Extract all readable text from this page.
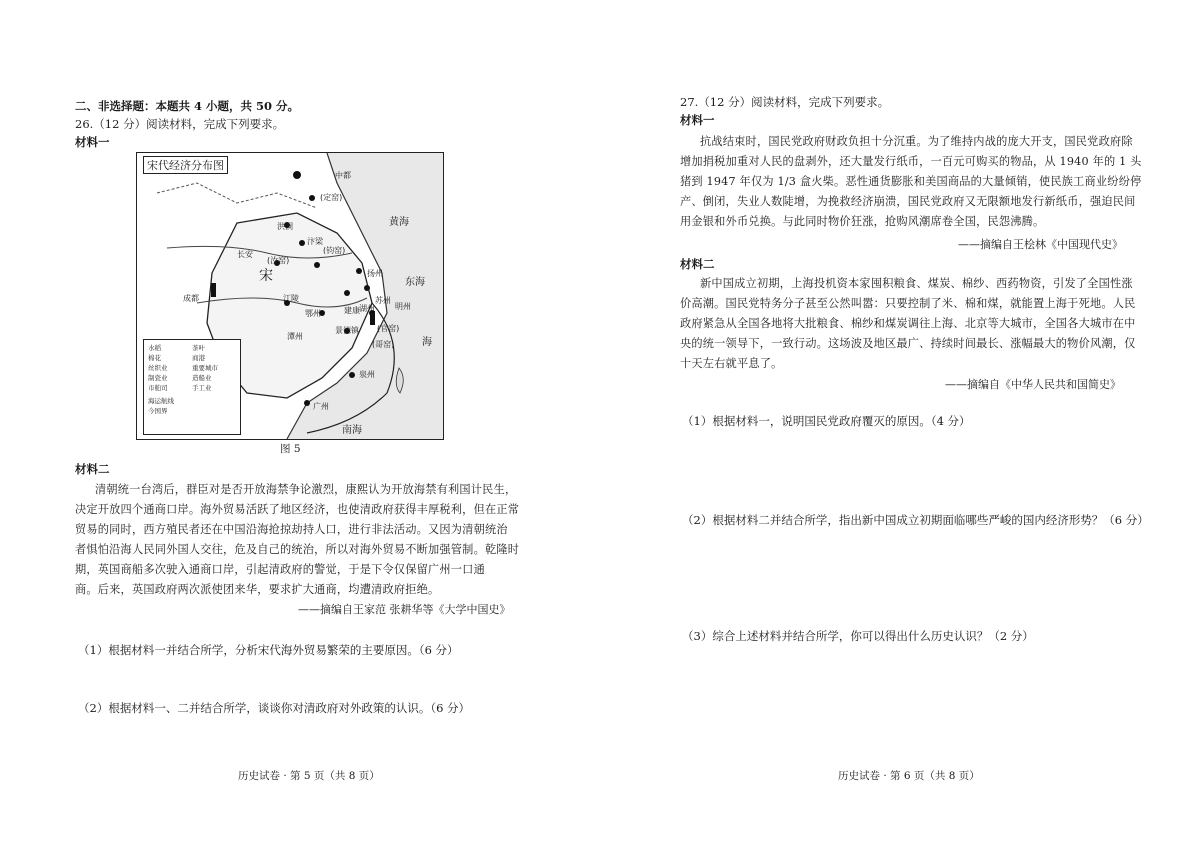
二、非选择题：本题共 4 小题，共 50 分。
26.（12 分）阅读材料，完成下列要求。
材料一
宋代经济分布图
中都
(定窑)
洪洞
汴梁
(钧窑)
(汝窑)
长安
宋	扬州
建康
苏州
湖州	明州
成都	江陵
鄂州
景德镇 (官窑)
潭州
泉州
(哥窑)
广州
东海
黄海
南海
海
水稻
棉花
丝织业
制瓷业
市舶司
茶叶
商港
重要城市
海运航线
今国界
造船业
手工业
图 5
材料二
清朝统一台湾后，群臣对是否开放海禁争论激烈，康熙认为开放海禁有利国计民生，
决定开放四个通商口岸。海外贸易活跃了地区经济，也使清政府获得丰厚税利，但在正常
贸易的同时，西方殖民者还在中国沿海抢掠劫持人口，进行非法活动。又因为清朝统治
者惧怕沿海人民同外国人交往，危及自己的统治，所以对海外贸易不断加强管制。乾隆时
期，英国商船多次驶入通商口岸，引起清政府的警觉，于是下令仅保留广州一口通
商。后来，英国政府两次派使团来华，要求扩大通商，均遭清政府拒绝。
——摘编自王家范 张耕华等《大学中国史》
（1）根据材料一并结合所学，分析宋代海外贸易繁荣的主要原因。（6 分）
（2）根据材料一、二并结合所学，谈谈你对清政府对外政策的认识。（6 分）
历史试卷 · 第 5 页（共 8 页）
27.（12 分）阅读材料，完成下列要求。
材料一
抗战结束时，国民党政府财政负担十分沉重。为了维持内战的庞大开支，国民党政府除
增加捐税加重对人民的盘剥外，还大量发行纸币，一百元可购买的物品，从 1940 年的 1 头
猪到 1947 年仅为 1/3 盒火柴。恶性通货膨胀和美国商品的大量倾销，使民族工商业纷纷停
产、倒闭，失业人数陡增，为挽救经济崩溃，国民党政府又无限额地发行新纸币，强迫民间
用金银和外币兑换。与此同时物价狂涨，抢购风潮席卷全国，民怨沸腾。
——摘编自王桧林《中国现代史》
材料二
新中国成立初期，上海投机资本家囤积粮食、煤炭、棉纱、西药物资，引发了全国性涨
价高潮。国民党特务分子甚至公然叫嚣：只要控制了米、棉和煤，就能置上海于死地。人民
政府紧急从全国各地将大批粮食、棉纱和煤炭调往上海、北京等大城市，全国各大城市在中
央的统一领导下，一致行动。这场波及地区最广、持续时间最长、涨幅最大的物价风潮，仅
十天左右就平息了。
——摘编自《中华人民共和国简史》
（1）根据材料一，说明国民党政府覆灭的原因。（4 分）
（2）根据材料二并结合所学，指出新中国成立初期面临哪些严峻的国内经济形势？（6 分）
（3）综合上述材料并结合所学，你可以得出什么历史认识？（2 分）
历史试卷 · 第 6 页（共 8 页）
